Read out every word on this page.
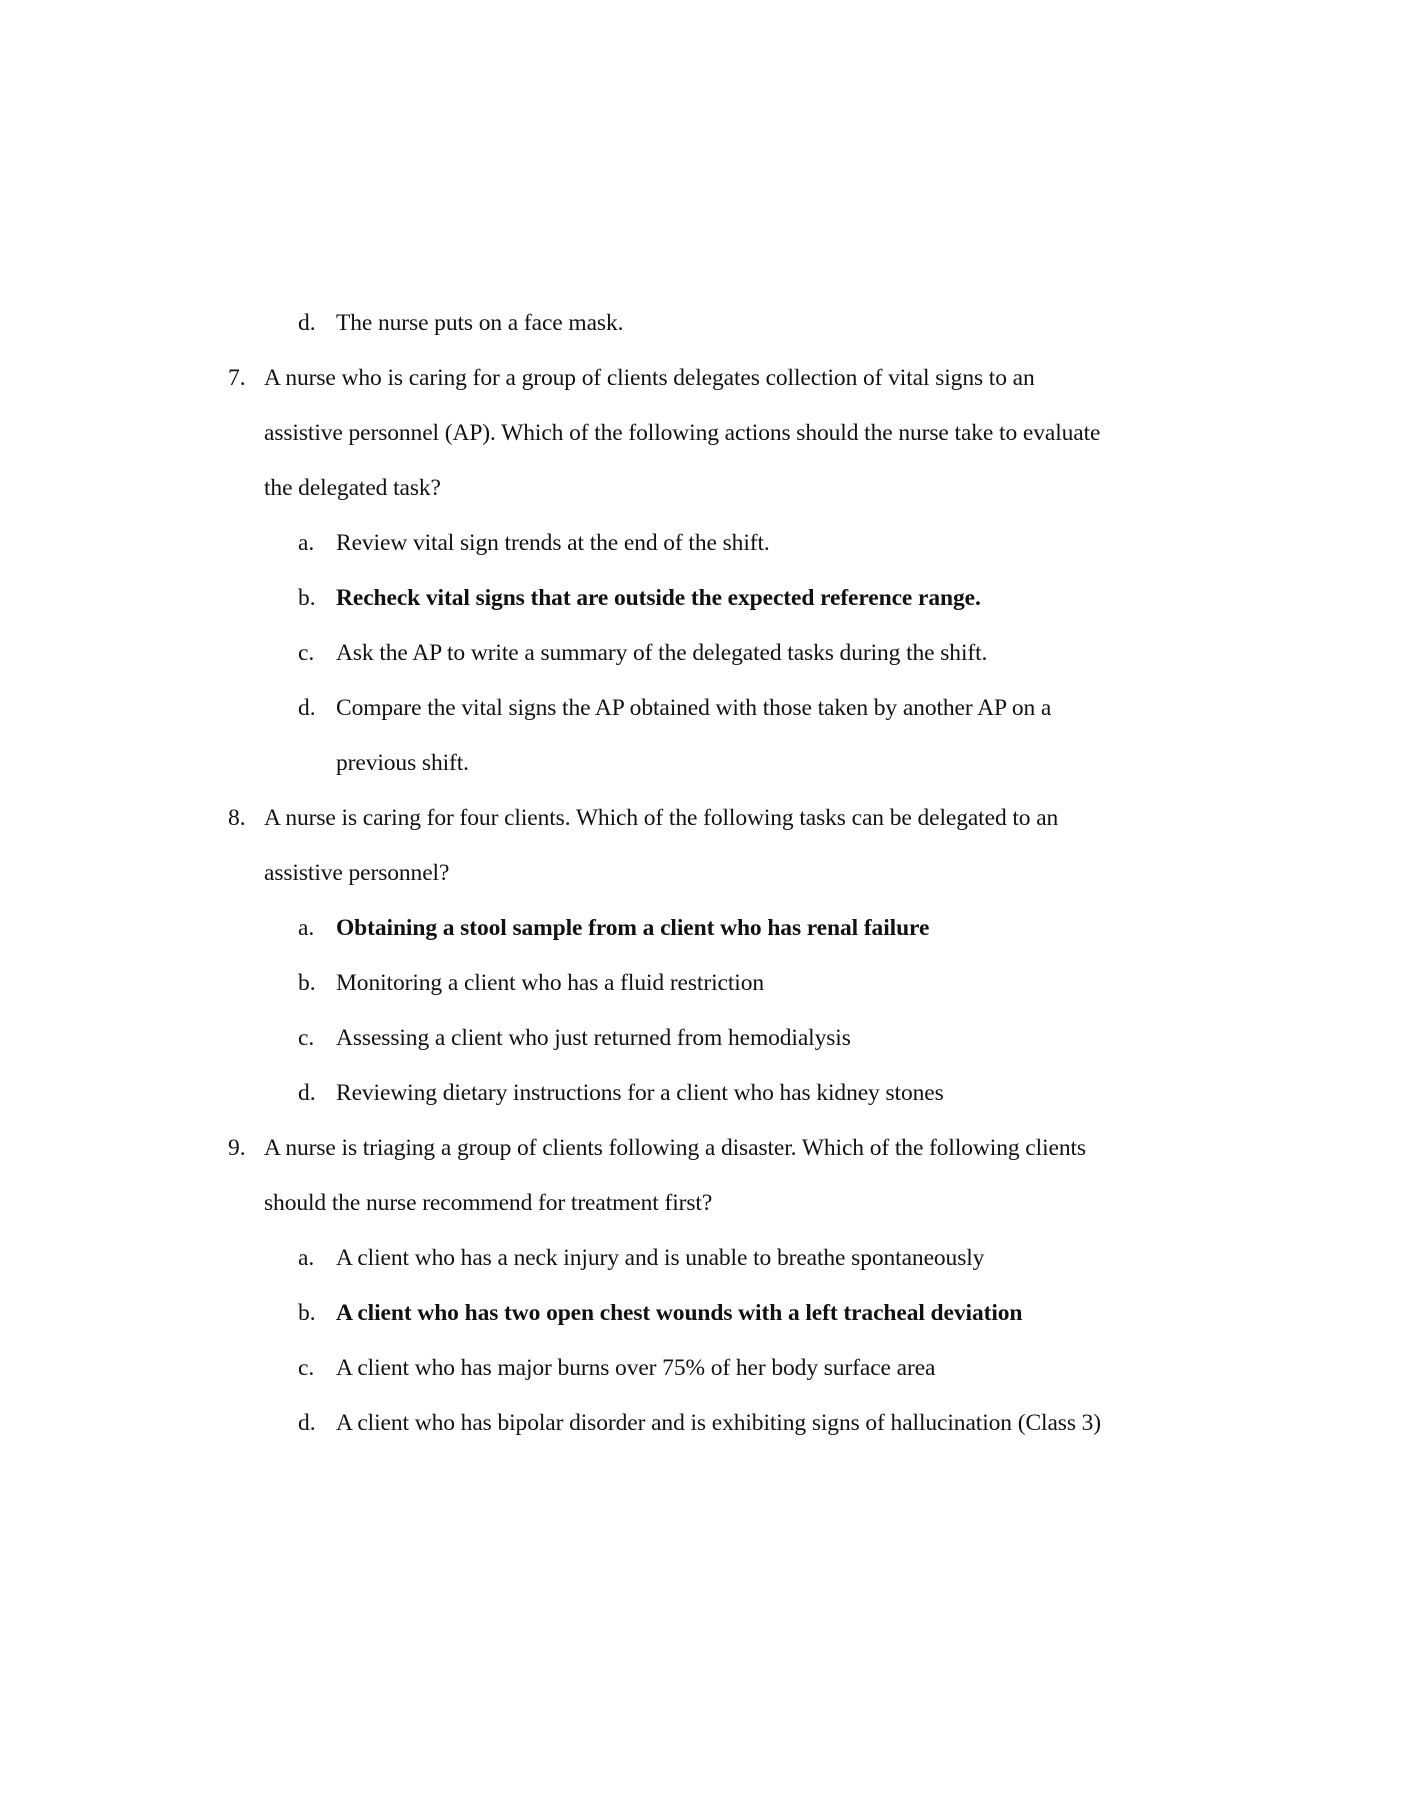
d. The nurse puts on a face mask.
7. A nurse who is caring for a group of clients delegates collection of vital signs to an
assistive personnel (AP). Which of the following actions should the nurse take to evaluate
the delegated task?
a. Review vital sign trends at the end of the shift.
b. Recheck vital signs that are outside the expected reference range.
c. Ask the AP to write a summary of the delegated tasks during the shift.
d. Compare the vital signs the AP obtained with those taken by another AP on a
previous shift.
8. A nurse is caring for four clients. Which of the following tasks can be delegated to an
assistive personnel?
a. Obtaining a stool sample from a client who has renal failure
b. Monitoring a client who has a fluid restriction
c. Assessing a client who just returned from hemodialysis
d. Reviewing dietary instructions for a client who has kidney stones
9. A nurse is triaging a group of clients following a disaster. Which of the following clients
should the nurse recommend for treatment first?
a. A client who has a neck injury and is unable to breathe spontaneously
b. A client who has two open chest wounds with a left tracheal deviation
c. A client who has major burns over 75% of her body surface area
d. A client who has bipolar disorder and is exhibiting signs of hallucination (Class 3)
